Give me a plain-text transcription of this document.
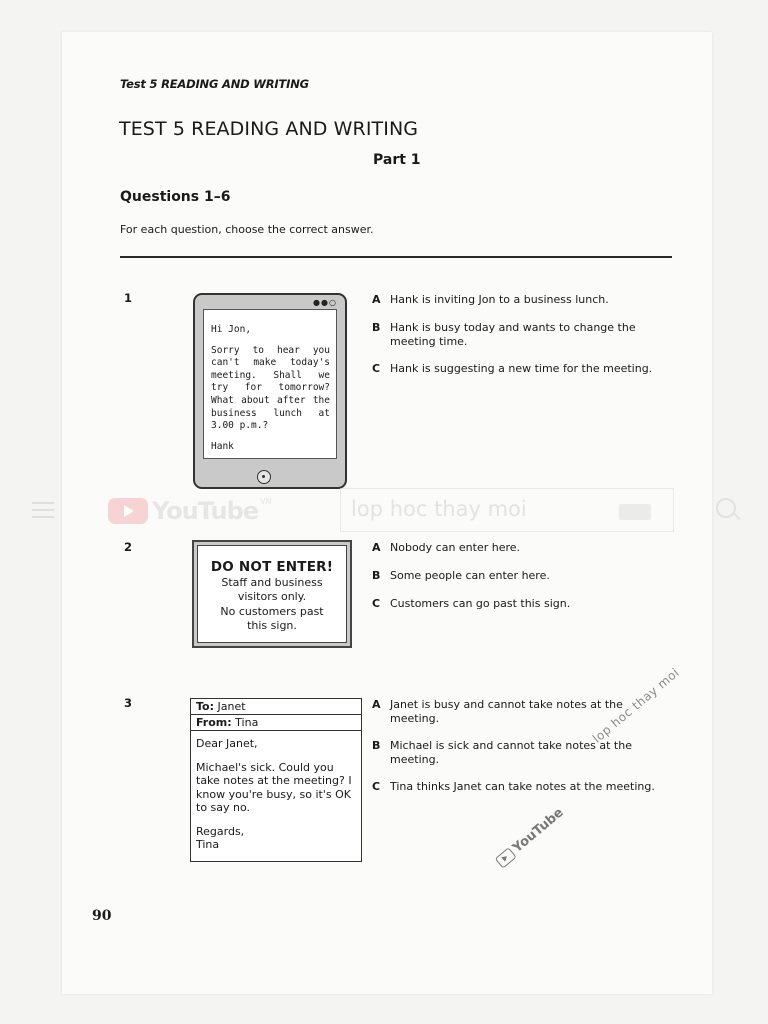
Test 5 READING AND WRITING
TEST 5 READING AND WRITING
Part 1
Questions 1–6
For each question, choose the correct answer.
1	●●○
Hi Jon,
Sorry to hear you can't make today's meeting. Shall we try for tomorrow? What about after the business lunch at 3.00 p.m.?
Hank
A Hank is inviting Jon to a business lunch.
B Hank is busy today and wants to change the meeting time.
C Hank is suggesting a new time for the meeting.
2
DO NOT ENTER!
Staff and business
visitors only.
No customers past
this sign.
A Nobody can enter here.
B Some people can enter here.
C Customers can go past this sign.
3	To: Janet
From: Tina

Dear Janet,

Michael's sick. Could you take notes at the meeting? I know you're busy, so it's OK to say no.

Regards,
Tina
A Janet is busy and cannot take notes at the meeting.
B Michael is sick and cannot take notes at the meeting.
C Tina thinks Janet can take notes at the meeting.
90
YouTube VN	lop hoc thay moi
lop hoc thay moi
YouTube
